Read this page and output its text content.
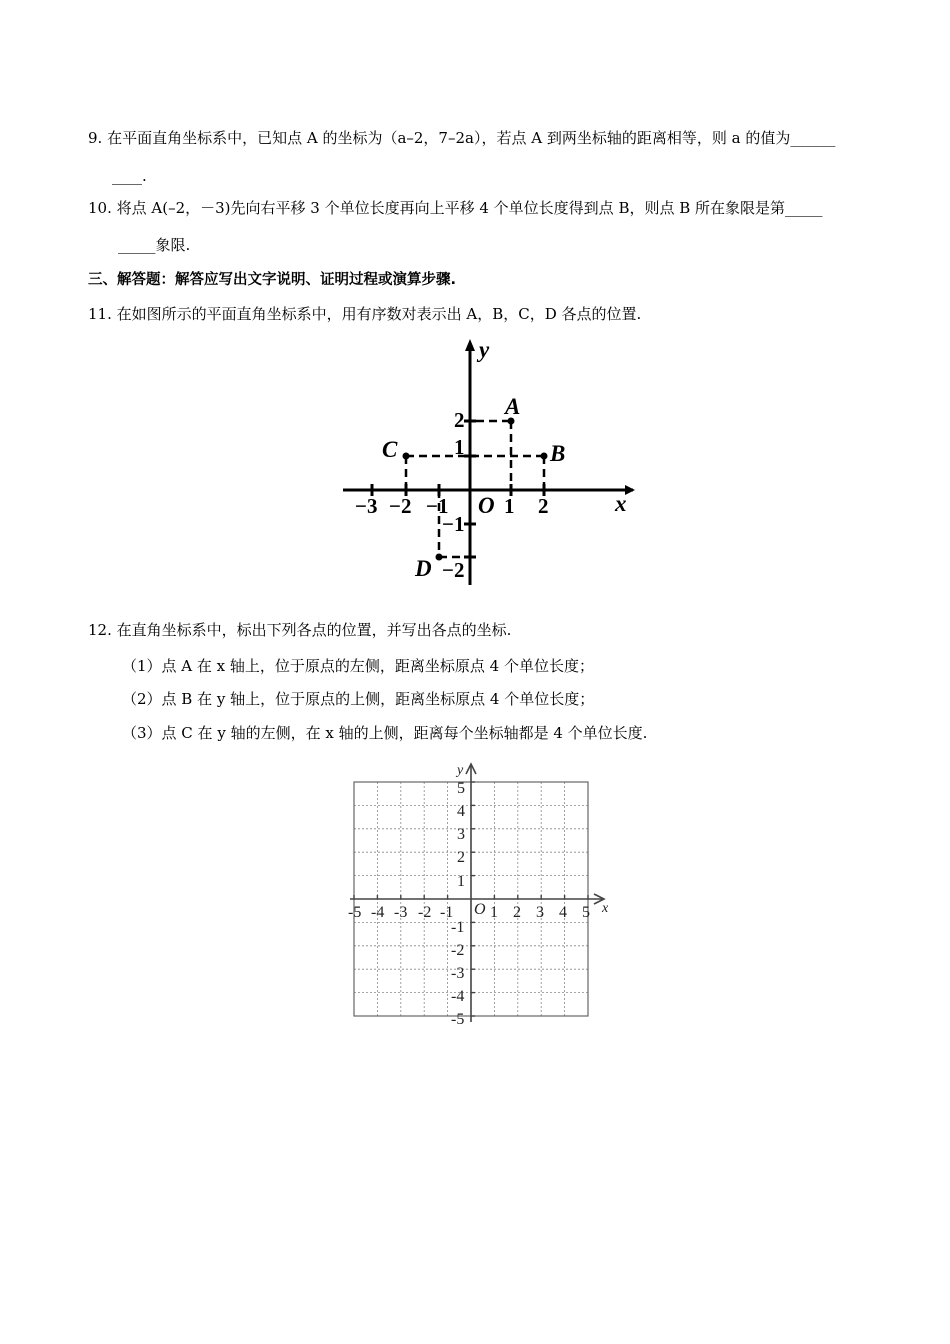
9. 在平面直角坐标系中，已知点 A 的坐标为（a–2，7–2a），若点 A 到两坐标轴的距离相等，则 a 的值为______
____.
10. 将点 A(–2，－3)先向右平移 3 个单位长度再向上平移 4 个单位长度得到点 B，则点 B 所在象限是第_____
_____象限.
三、解答题：解答应写出文字说明、证明过程或演算步骤.
11. 在如图所示的平面直角坐标系中，用有序数对表示出 A，B，C，D 各点的位置.
−3 −2 −1	1 2
2
1
−1
−2
O	x
y
A
B
C
D
12. 在直角坐标系中，标出下列各点的位置，并写出各点的坐标.
（1）点 A 在 x 轴上，位于原点的左侧，距离坐标原点 4 个单位长度；
（2）点 B 在 y 轴上，位于原点的上侧，距离坐标原点 4 个单位长度；
（3）点 C 在 y 轴的左侧，在 x 轴的上侧，距离每个坐标轴都是 4 个单位长度.
-5 -4 -3 -2 -1 1 2 3 4 5
5
4
3
2
1
-1
-2
-3
-4
-5
O	x
y
